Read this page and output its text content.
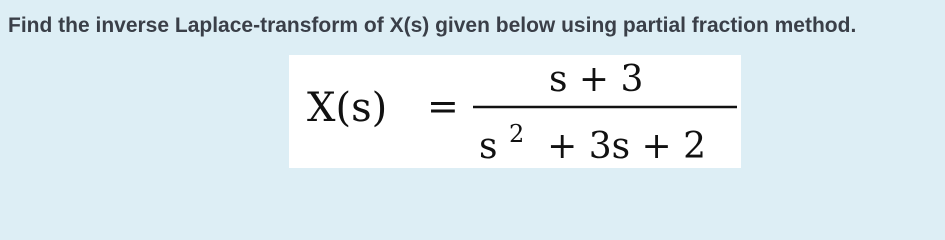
Find the inverse Laplace-transform of X(s) given below using partial fraction method.
X(s) =
s + 3
s $^2$  + 3s + 2
